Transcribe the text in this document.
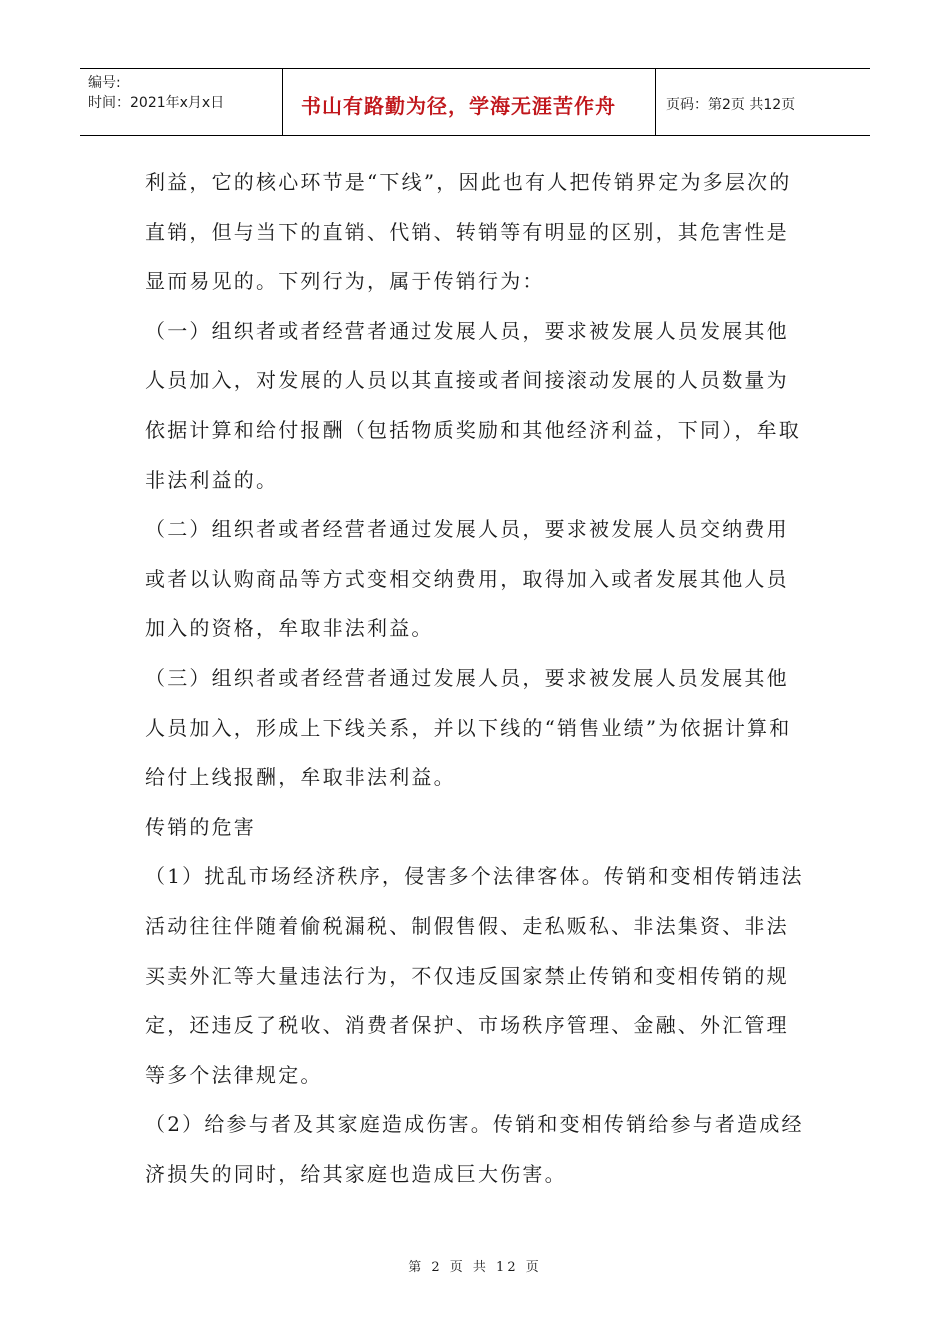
编号:
时间：2021年x月x日	书山有路勤为径，学海无涯苦作舟	页码：第2页 共12页

利益，它的核心环节是“下线”，因此也有人把传销界定为多层次的直销，但与当下的直销、代销、转销等有明显的区别，其危害性是显而易见的。下列行为，属于传销行为：

（一）组织者或者经营者通过发展人员，要求被发展人员发展其他人员加入，对发展的人员以其直接或者间接滚动发展的人员数量为依据计算和给付报酬（包括物质奖励和其他经济利益，下同），牟取非法利益的。

（二）组织者或者经营者通过发展人员，要求被发展人员交纳费用或者以认购商品等方式变相交纳费用，取得加入或者发展其他人员加入的资格，牟取非法利益。

（三）组织者或者经营者通过发展人员，要求被发展人员发展其他人员加入，形成上下线关系，并以下线的“销售业绩”为依据计算和给付上线报酬，牟取非法利益。

传销的危害

（1）扰乱市场经济秩序，侵害多个法律客体。传销和变相传销违法活动往往伴随着偷税漏税、制假售假、走私贩私、非法集资、非法买卖外汇等大量违法行为，不仅违反国家禁止传销和变相传销的规定，还违反了税收、消费者保护、市场秩序管理、金融、外汇管理等多个法律规定。

（2）给参与者及其家庭造成伤害。传销和变相传销给参与者造成经济损失的同时，给其家庭也造成巨大伤害。

第 2 页 共 12 页
